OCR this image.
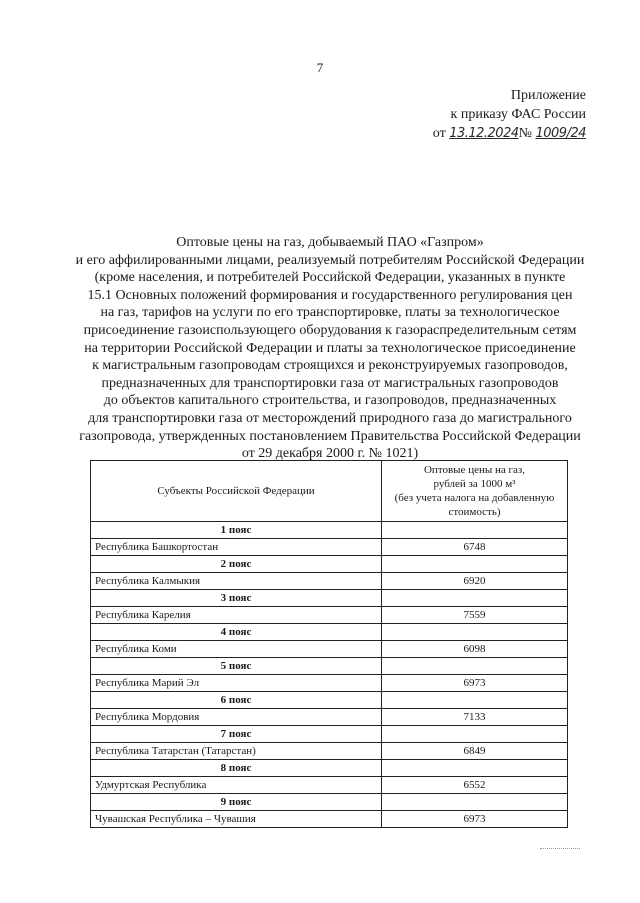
7
Приложение
к приказу ФАС России
от 13.12.2024№ 1009/24
Оптовые цены на газ, добываемый ПАО «Газпром»
и его аффилированными лицами, реализуемый потребителям Российской Федерации
(кроме населения, и потребителей Российской Федерации, указанных в пункте
15.1 Основных положений формирования и государственного регулирования цен
на газ, тарифов на услуги по его транспортировке, платы за технологическое
присоединение газоиспользующего оборудования к газораспределительным сетям
на территории Российской Федерации и платы за технологическое присоединение
к магистральным газопроводам строящихся и реконструируемых газопроводов,
предназначенных для транспортировки газа от магистральных газопроводов
до объектов капитального строительства, и газопроводов, предназначенных
для транспортировки газа от месторождений природного газа до магистрального
газопровода, утвержденных постановлением Правительства Российской Федерации
от 29 декабря 2000 г. № 1021)
Субъекты Российской Федерации	Оптовые цены на газ,
рублей за 1000 м³
(без учета налога на добавленную
стоимость)

1 пояс	
Республика Башкортостан	6748
2 пояс	
Республика Калмыкия	6920
3 пояс	
Республика Карелия	7559
4 пояс	
Республика Коми	6098
5 пояс	
Республика Марий Эл	6973
6 пояс	
Республика Мордовия	7133
7 пояс	
Республика Татарстан (Татарстан)	6849
8 пояс	
Удмуртская Республика	6552
9 пояс	
Чувашская Республика – Чувашия	6973
